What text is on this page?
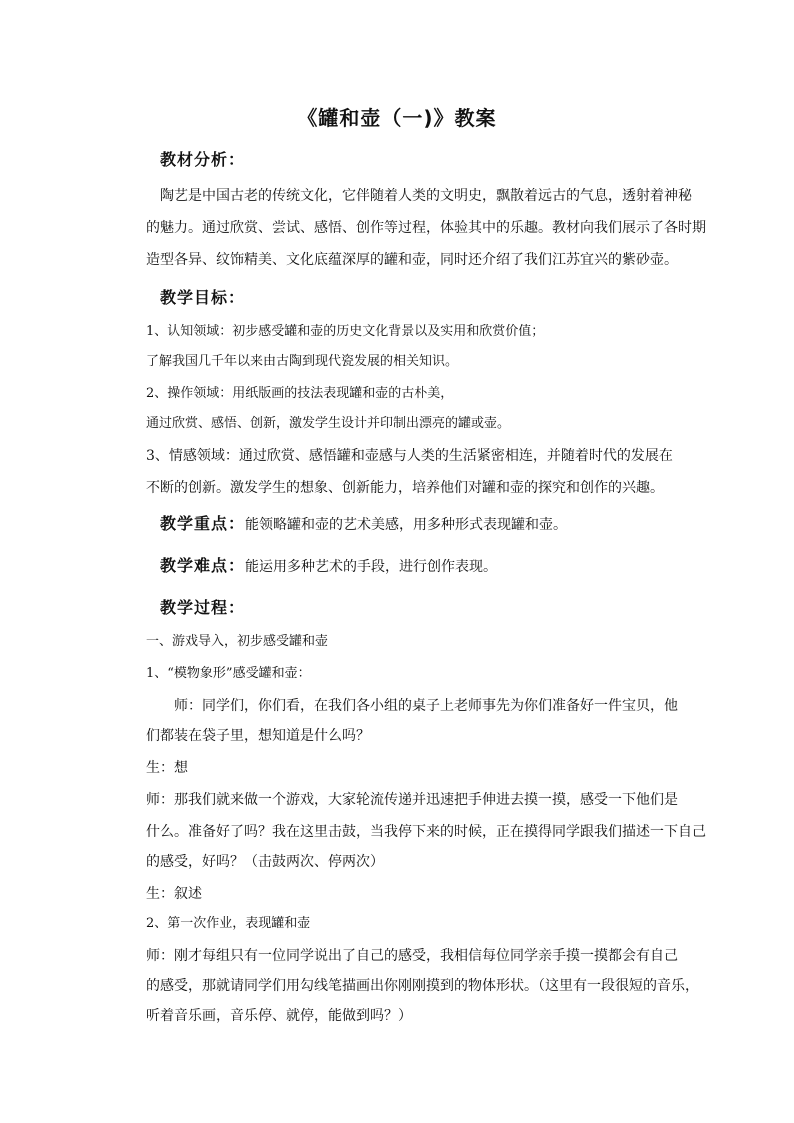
《罐和壶（一)》教案
教材分析：
　陶艺是中国古老的传统文化，它伴随着人类的文明史，飘散着远古的气息，透射着神秘
的魅力。通过欣赏、尝试、感悟、创作等过程，体验其中的乐趣。教材向我们展示了各时期
造型各异、纹饰精美、文化底蕴深厚的罐和壶，同时还介绍了我们江苏宜兴的紫砂壶。
教学目标：
1、认知领域：初步感受罐和壶的历史文化背景以及实用和欣赏价值；
了解我国几千年以来由古陶到现代瓷发展的相关知识。
2、操作领域：用纸版画的技法表现罐和壶的古朴美，
通过欣赏、感悟、创新，激发学生设计并印制出漂亮的罐或壶。
3、情感领域：通过欣赏、感悟罐和壶感与人类的生活紧密相连，并随着时代的发展在
不断的创新。激发学生的想象、创新能力，培养他们对罐和壶的探究和创作的兴趣。
教学重点：能领略罐和壶的艺术美感，用多种形式表现罐和壶。
教学难点：能运用多种艺术的手段，进行创作表现。
教学过程：
一、游戏导入，初步感受罐和壶
1、“模物象形”感受罐和壶：
　　师：同学们，你们看，在我们各小组的桌子上老师事先为你们准备好一件宝贝，他
们都装在袋子里，想知道是什么吗？
生：想
师：那我们就来做一个游戏，大家轮流传递并迅速把手伸进去摸一摸，感受一下他们是
什么。准备好了吗？我在这里击鼓，当我停下来的时候，正在摸得同学跟我们描述一下自己
的感受，好吗？（击鼓两次、停两次）
生：叙述
2、第一次作业，表现罐和壶
师：刚才每组只有一位同学说出了自己的感受，我相信每位同学亲手摸一摸都会有自己
的感受，那就请同学们用勾线笔描画出你刚刚摸到的物体形状。（这里有一段很短的音乐，
听着音乐画，音乐停、就停，能做到吗？）
